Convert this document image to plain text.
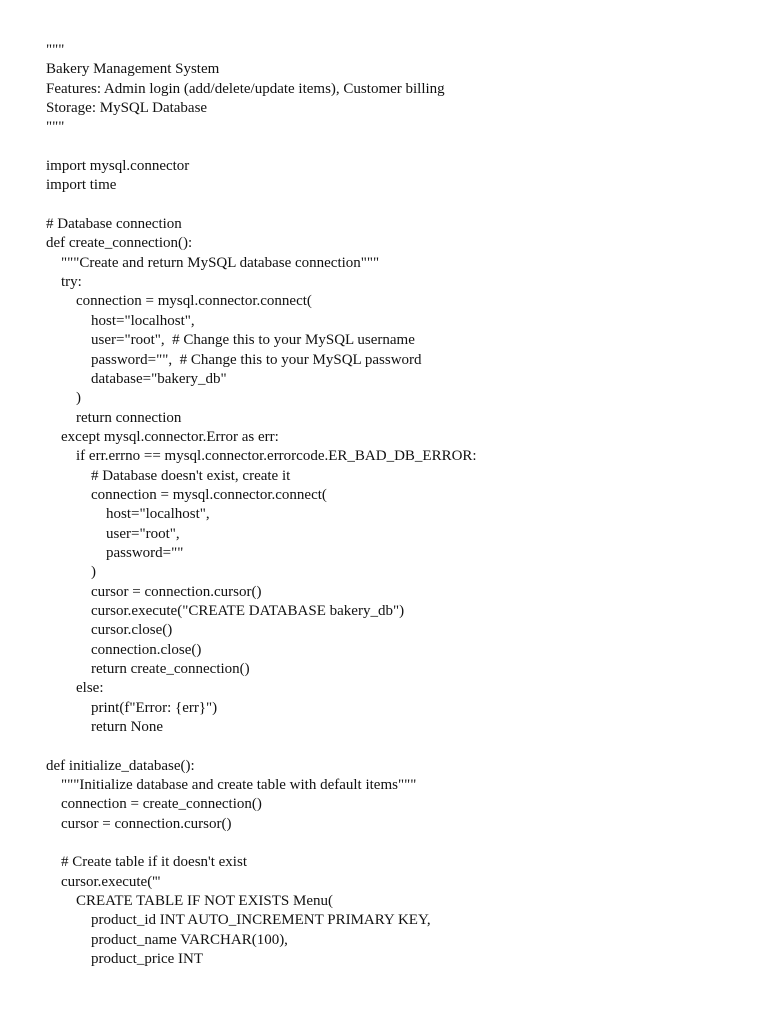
"""
Bakery Management System
Features: Admin login (add/delete/update items), Customer billing
Storage: MySQL Database
"""
import mysql.connector
import time
# Database connection
def create_connection():
"""Create and return MySQL database connection"""
try:
connection = mysql.connector.connect(
host="localhost",
user="root",  # Change this to your MySQL username
password="",  # Change this to your MySQL password
database="bakery_db"
)
return connection
except mysql.connector.Error as err:
if err.errno == mysql.connector.errorcode.ER_BAD_DB_ERROR:
# Database doesn't exist, create it
connection = mysql.connector.connect(
host="localhost",
user="root",
password=""
)
cursor = connection.cursor()
cursor.execute("CREATE DATABASE bakery_db")
cursor.close()
connection.close()
return create_connection()
else:
print(f"Error: {err}")
return None
def initialize_database():
"""Initialize database and create table with default items"""
connection = create_connection()
cursor = connection.cursor()
# Create table if it doesn't exist
cursor.execute('''
CREATE TABLE IF NOT EXISTS Menu(
product_id INT AUTO_INCREMENT PRIMARY KEY,
product_name VARCHAR(100),
product_price INT
